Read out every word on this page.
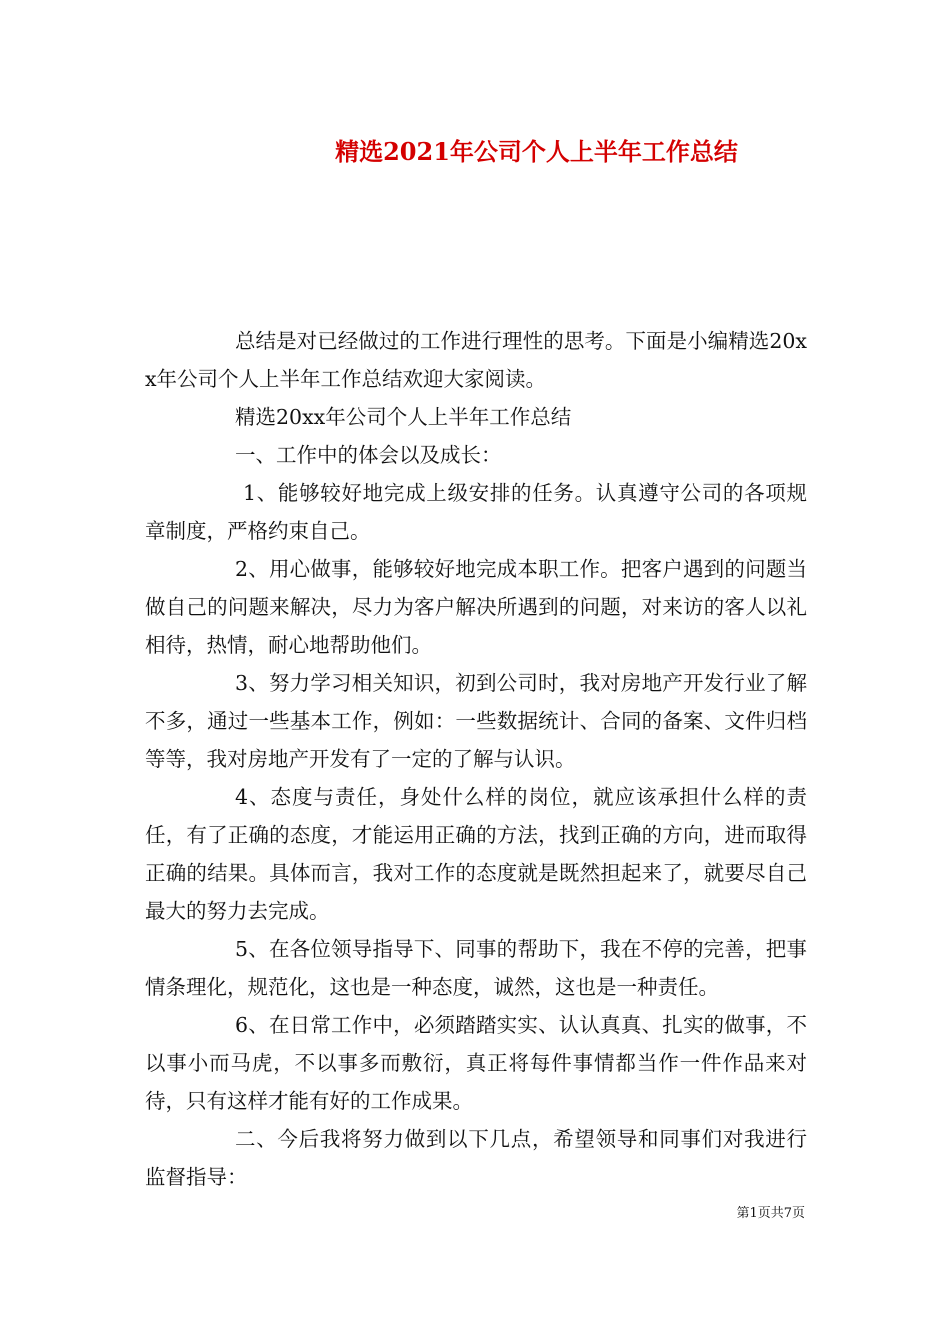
精选2021年公司个人上半年工作总结

总结是对已经做过的工作进行理性的思考。下面是小编精选20xx年公司个人上半年工作总结欢迎大家阅读。

精选20xx年公司个人上半年工作总结

一、工作中的体会以及成长：

1、能够较好地完成上级安排的任务。认真遵守公司的各项规章制度，严格约束自己。

2、用心做事，能够较好地完成本职工作。把客户遇到的问题当做自己的问题来解决，尽力为客户解决所遇到的问题，对来访的客人以礼相待，热情，耐心地帮助他们。

3、努力学习相关知识，初到公司时，我对房地产开发行业了解不多，通过一些基本工作，例如：一些数据统计、合同的备案、文件归档等等，我对房地产开发有了一定的了解与认识。

4、态度与责任，身处什么样的岗位，就应该承担什么样的责任，有了正确的态度，才能运用正确的方法，找到正确的方向，进而取得正确的结果。具体而言，我对工作的态度就是既然担起来了，就要尽自己最大的努力去完成。

5、在各位领导指导下、同事的帮助下，我在不停的完善，把事情条理化，规范化，这也是一种态度，诚然，这也是一种责任。

6、在日常工作中，必须踏踏实实、认认真真、扎实的做事，不以事小而马虎，不以事多而敷衍，真正将每件事情都当作一件作品来对待，只有这样才能有好的工作成果。

二、今后我将努力做到以下几点，希望领导和同事们对我进行监督指导：

第1页共7页
